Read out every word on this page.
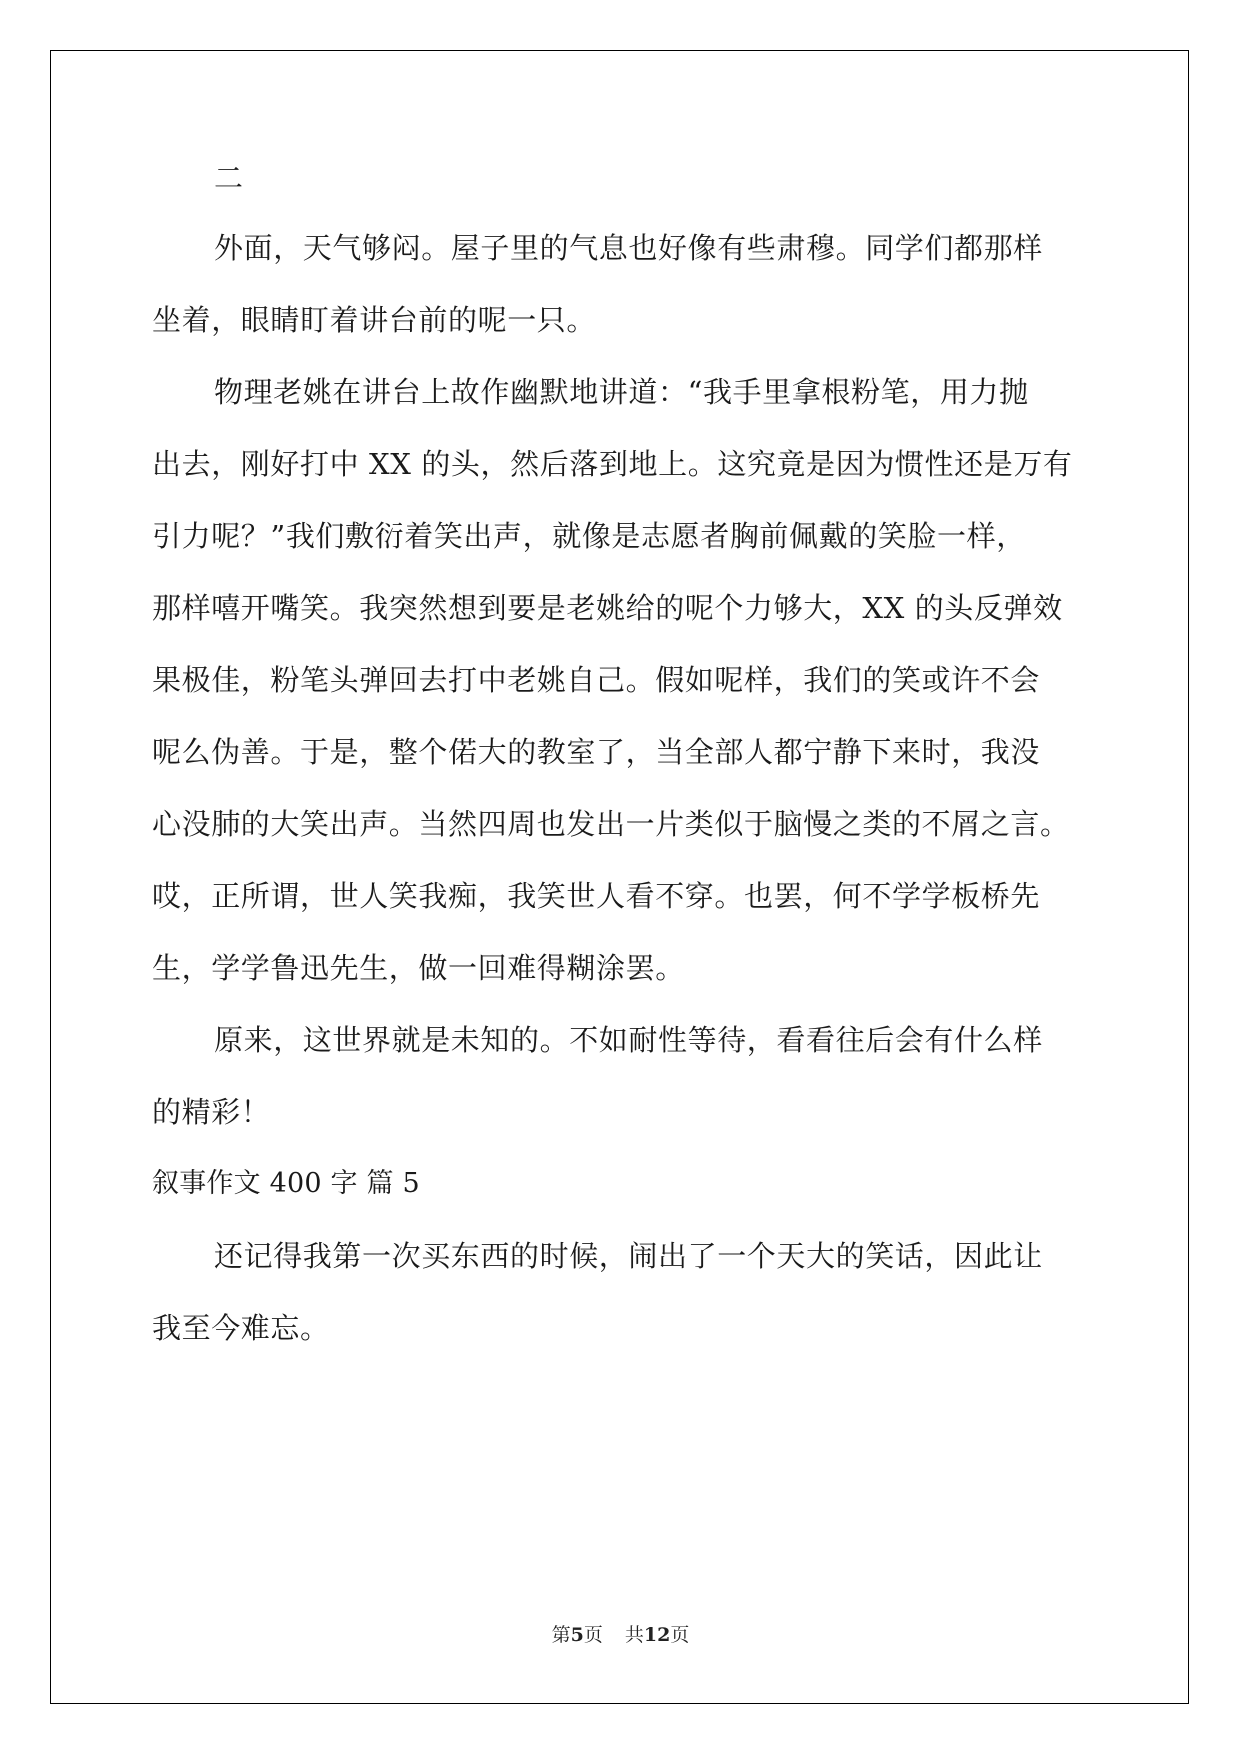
二
外面，天气够闷。屋子里的气息也好像有些肃穆。同学们都那样
坐着，眼睛盯着讲台前的呢一只。
物理老姚在讲台上故作幽默地讲道：“我手里拿根粉笔，用力抛
出去，刚好打中 XX 的头，然后落到地上。这究竟是因为惯性还是万有
引力呢？”我们敷衍着笑出声，就像是志愿者胸前佩戴的笑脸一样，
那样嘻开嘴笑。我突然想到要是老姚给的呢个力够大，XX 的头反弹效
果极佳，粉笔头弹回去打中老姚自己。假如呢样，我们的笑或许不会
呢么伪善。于是，整个偌大的教室了，当全部人都宁静下来时，我没
心没肺的大笑出声。当然四周也发出一片类似于脑慢之类的不屑之言。
哎，正所谓，世人笑我痴，我笑世人看不穿。也罢，何不学学板桥先
生，学学鲁迅先生，做一回难得糊涂罢。
原来，这世界就是未知的。不如耐性等待，看看往后会有什么样
的精彩！
叙事作文 400 字 篇 5
还记得我第一次买东西的时候，闹出了一个天大的笑话，因此让
我至今难忘。
第5页 共12页
